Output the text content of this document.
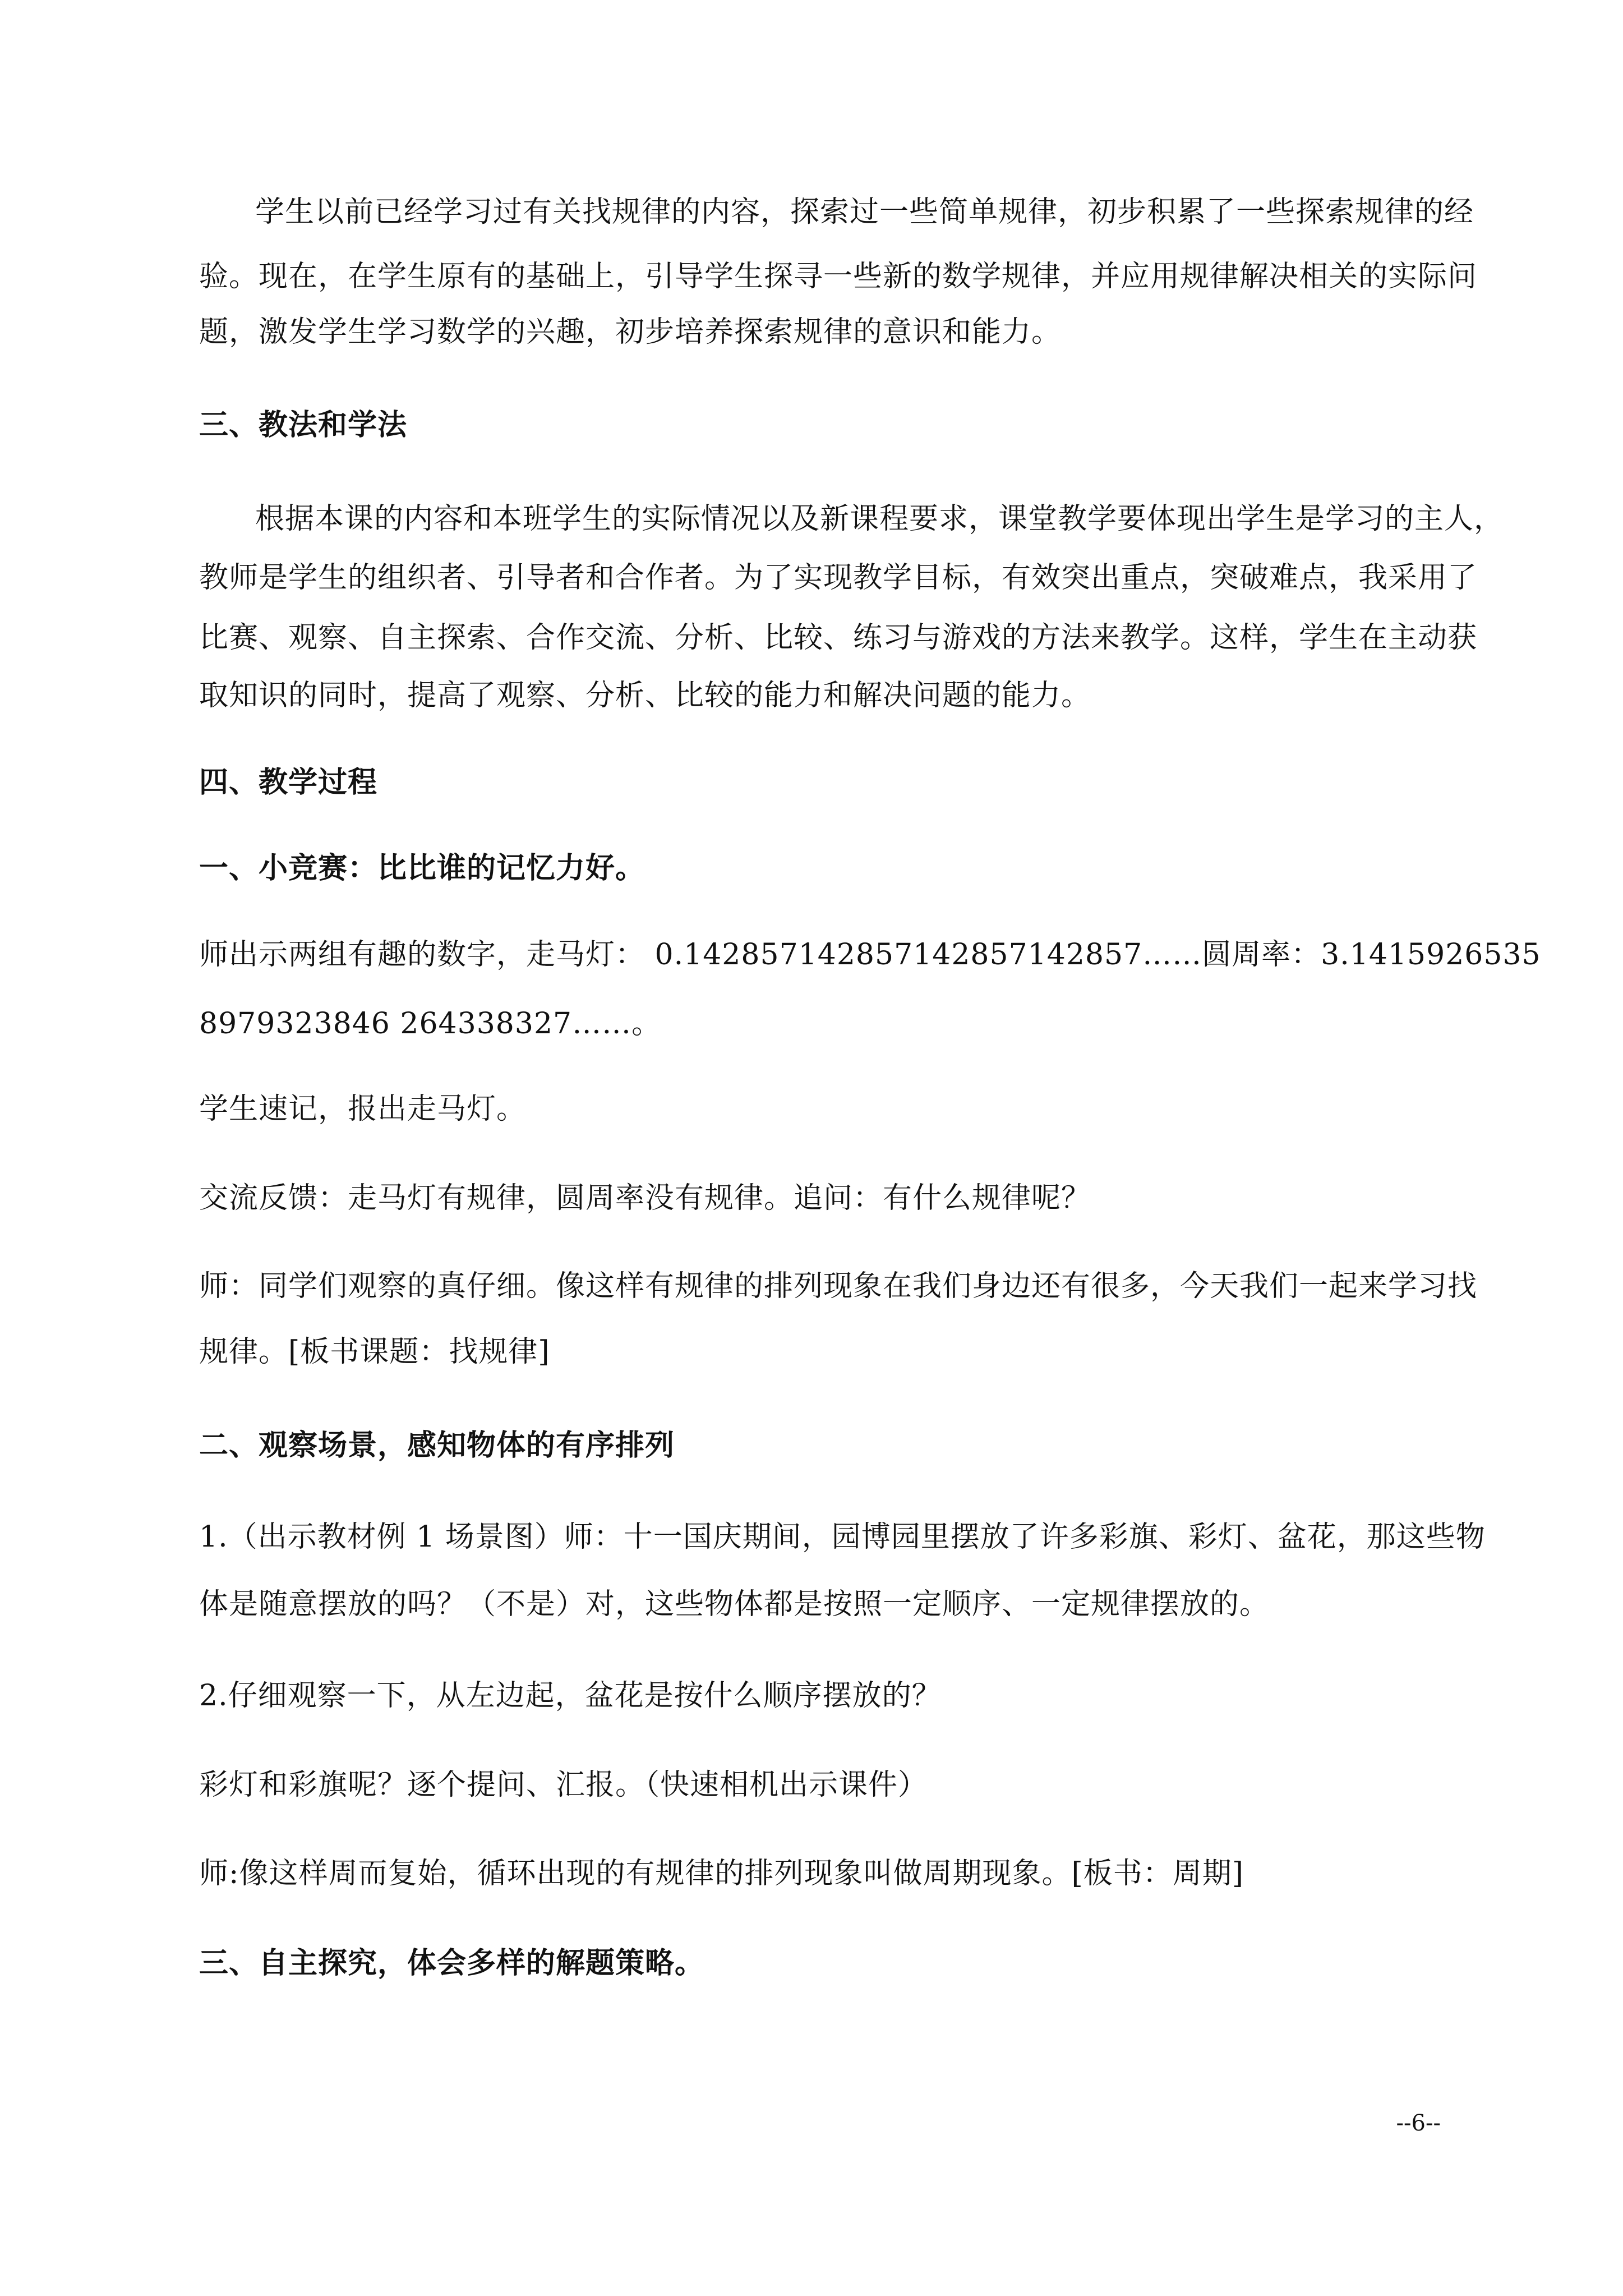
学生以前已经学习过有关找规律的内容，探索过一些简单规律，初步积累了一些探索规律的经
验。现在，在学生原有的基础上，引导学生探寻一些新的数学规律，并应用规律解决相关的实际问
题，激发学生学习数学的兴趣，初步培养探索规律的意识和能力。
三、教法和学法
根据本课的内容和本班学生的实际情况以及新课程要求，课堂教学要体现出学生是学习的主人，
教师是学生的组织者、引导者和合作者。为了实现教学目标，有效突出重点，突破难点，我采用了
比赛、观察、自主探索、合作交流、分析、比较、练习与游戏的方法来教学。这样，学生在主动获
取知识的同时，提高了观察、分析、比较的能力和解决问题的能力。
四、教学过程
一、小竞赛：比比谁的记忆力好。
师出示两组有趣的数字，走马灯： 0.142857142857142857142857……圆周率：3.1415926535
8979323846 264338327……。
学生速记，报出走马灯。
交流反馈：走马灯有规律，圆周率没有规律。追问：有什么规律呢？
师：同学们观察的真仔细。像这样有规律的排列现象在我们身边还有很多，今天我们一起来学习找
规律。[板书课题：找规律]
二、观察场景，感知物体的有序排列
1.（出示教材例 1 场景图）师：十一国庆期间，园博园里摆放了许多彩旗、彩灯、盆花，那这些物
体是随意摆放的吗？（不是）对，这些物体都是按照一定顺序、一定规律摆放的。
2.仔细观察一下，从左边起，盆花是按什么顺序摆放的？
彩灯和彩旗呢？逐个提问、汇报。（快速相机出示课件）
师:像这样周而复始，循环出现的有规律的排列现象叫做周期现象。[板书：周期]
三、自主探究，体会多样的解题策略。
--6--
